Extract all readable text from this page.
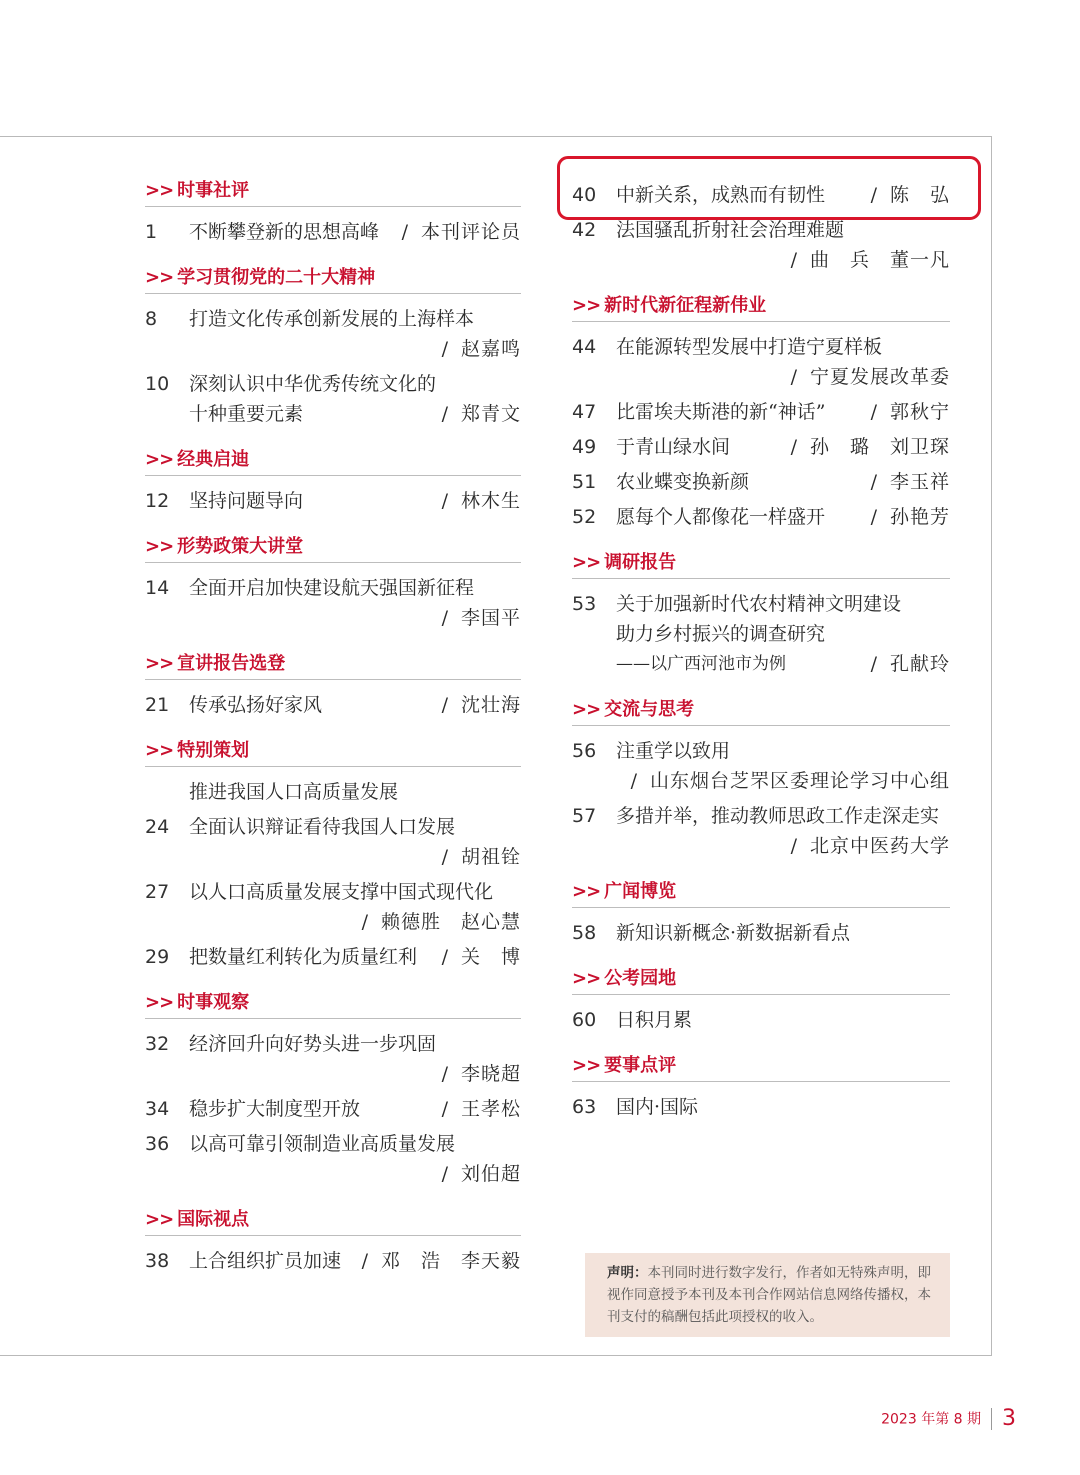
>> 时事社评
1 不断攀登新的思想高峰 / 本刊评论员
>> 学习贯彻党的二十大精神
8 打造文化传承创新发展的上海样本
/ 赵嘉鸣
10 深刻认识中华优秀传统文化的
十种重要元素	/ 郑青文
>> 经典启迪
12 坚持问题导向	/ 林木生
>> 形势政策大讲堂
14 全面开启加快建设航天强国新征程
/ 李国平
>> 宣讲报告选登
21 传承弘扬好家风	/ 沈壮海
>> 特别策划
推进我国人口高质量发展
24 全面认识辩证看待我国人口发展
/ 胡祖铨
27 以人口高质量发展支撑中国式现代化
/ 赖德胜　赵心慧
29 把数量红利转化为质量红利 / 关　博
>> 时事观察
32 经济回升向好势头进一步巩固
/ 李晓超
34 稳步扩大制度型开放	/ 王孝松
36 以高可靠引领制造业高质量发展
/ 刘伯超
>> 国际视点
38 上合组织扩员加速 / 邓　浩　李天毅
40 中新关系，成熟而有韧性 / 陈　弘
42 法国骚乱折射社会治理难题
/ 曲　兵　董一凡
>> 新时代新征程新伟业
44 在能源转型发展中打造宁夏样板
/ 宁夏发展改革委
47 比雷埃夫斯港的新“神话” / 郭秋宁
49 于青山绿水间	/ 孙　璐　刘卫琛
51 农业蝶变换新颜	/ 李玉祥
52 愿每个人都像花一样盛开 / 孙艳芳
>> 调研报告
53 关于加强新时代农村精神文明建设
助力乡村振兴的调查研究
——以广西河池市为例	/ 孔献玲
>> 交流与思考
56 注重学以致用
/ 山东烟台芝罘区委理论学习中心组
57 多措并举，推动教师思政工作走深走实
/ 北京中医药大学
>> 广闻博览
58 新知识新概念·新数据新看点
>> 公考园地
60 日积月累
>> 要事点评
63 国内·国际
声明：本刊同时进行数字发行，作者如无特殊声明，即视作同意授予本刊及本刊合作网站信息网络传播权，本刊支付的稿酬包括此项授权的收入。
2023 年第 8 期 3
